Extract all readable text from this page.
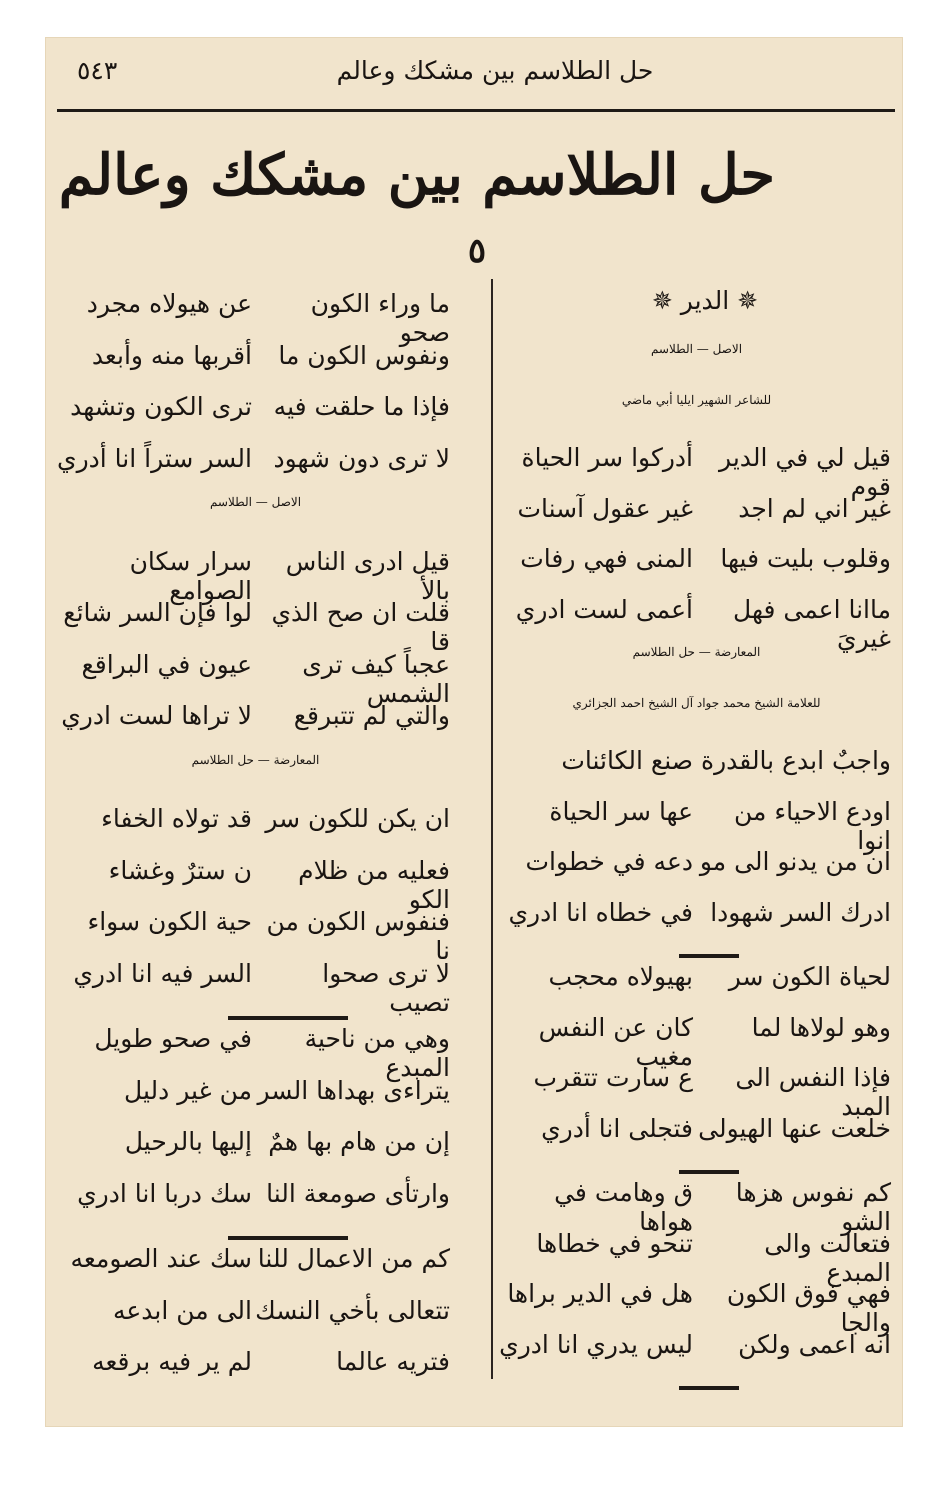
٥٤٣	حل الطلاسم بين مشكك وعالم
حل الطلاسم بين مشكك وعالم
٥
✵ الدير ✵
الاصل — الطلاسم
للشاعر الشهير ايليا أبي ماضي
قيل لي في الدير قوم
أدركوا سر الحياة
غير اني لم اجد
غير عقول آسنات
وقلوب بليت فيها
المنى فهي رفات
ماانا اعمى فهل غيريَ
أعمى لست ادري
المعارضة — حل الطلاسم
للعلامة الشيخ محمد جواد آل الشيخ احمد الجزائري
واجبٌ ابدع بالقدرة
صنع الكائنات
اودع الاحياء من انوا
عها سر الحياة
ان من يدنو الى مو
دعه في خطوات
ادرك السر شهودا
في خطاه انا ادري
لحياة الكون سر
بهيولاه محجب
وهو لولاها لما
كان عن النفس مغيب
فإذا النفس الى المبد
ع سارت تتقرب
خلعت عنها الهيولى
فتجلى انا أدري
كم نفوس هزها الشو
ق وهامت في هواها
فتعالت والى المبدع
تنحو في خطاها
فهي فوق الكون والجا
هل في الدير براها
انه اعمى ولكن
ليس يدري انا ادري
ما وراء الكون صحو
عن هيولاه مجرد
ونفوس الكون ما
أقربها منه وأبعد
فإذا ما حلقت فيه
ترى الكون وتشهد
لا ترى دون شهود
السر ستراً انا أدري
الاصل — الطلاسم
قيل ادرى الناس بالأ
سرار سكان الصوامع
قلت ان صح الذي قا
لوا فإن السر شائع
عجباً كيف ترى الشمس
عيون في البراقع
والتي لم تتبرقع
لا تراها لست ادري
المعارضة — حل الطلاسم
ان يكن للكون سر
قد تولاه الخفاء
فعليه من ظلام الكو
ن سترٌ وغشاء
فنفوس الكون من نا
حية الكون سواء
لا ترى صحوا تصيب
السر فيه انا ادري
وهي من ناحية المبدع
في صحو طويل
يتراءى بهداها السر
من غير دليل
إن من هام بها همٌ
إليها بالرحيل
وارتأى صومعة النا
سك دربا انا ادري
كم من الاعمال للنا
سك عند الصومعه
تتعالى بأخي النسك
الى من ابدعه
فتريه عالما
لم ير فيه برقعه
